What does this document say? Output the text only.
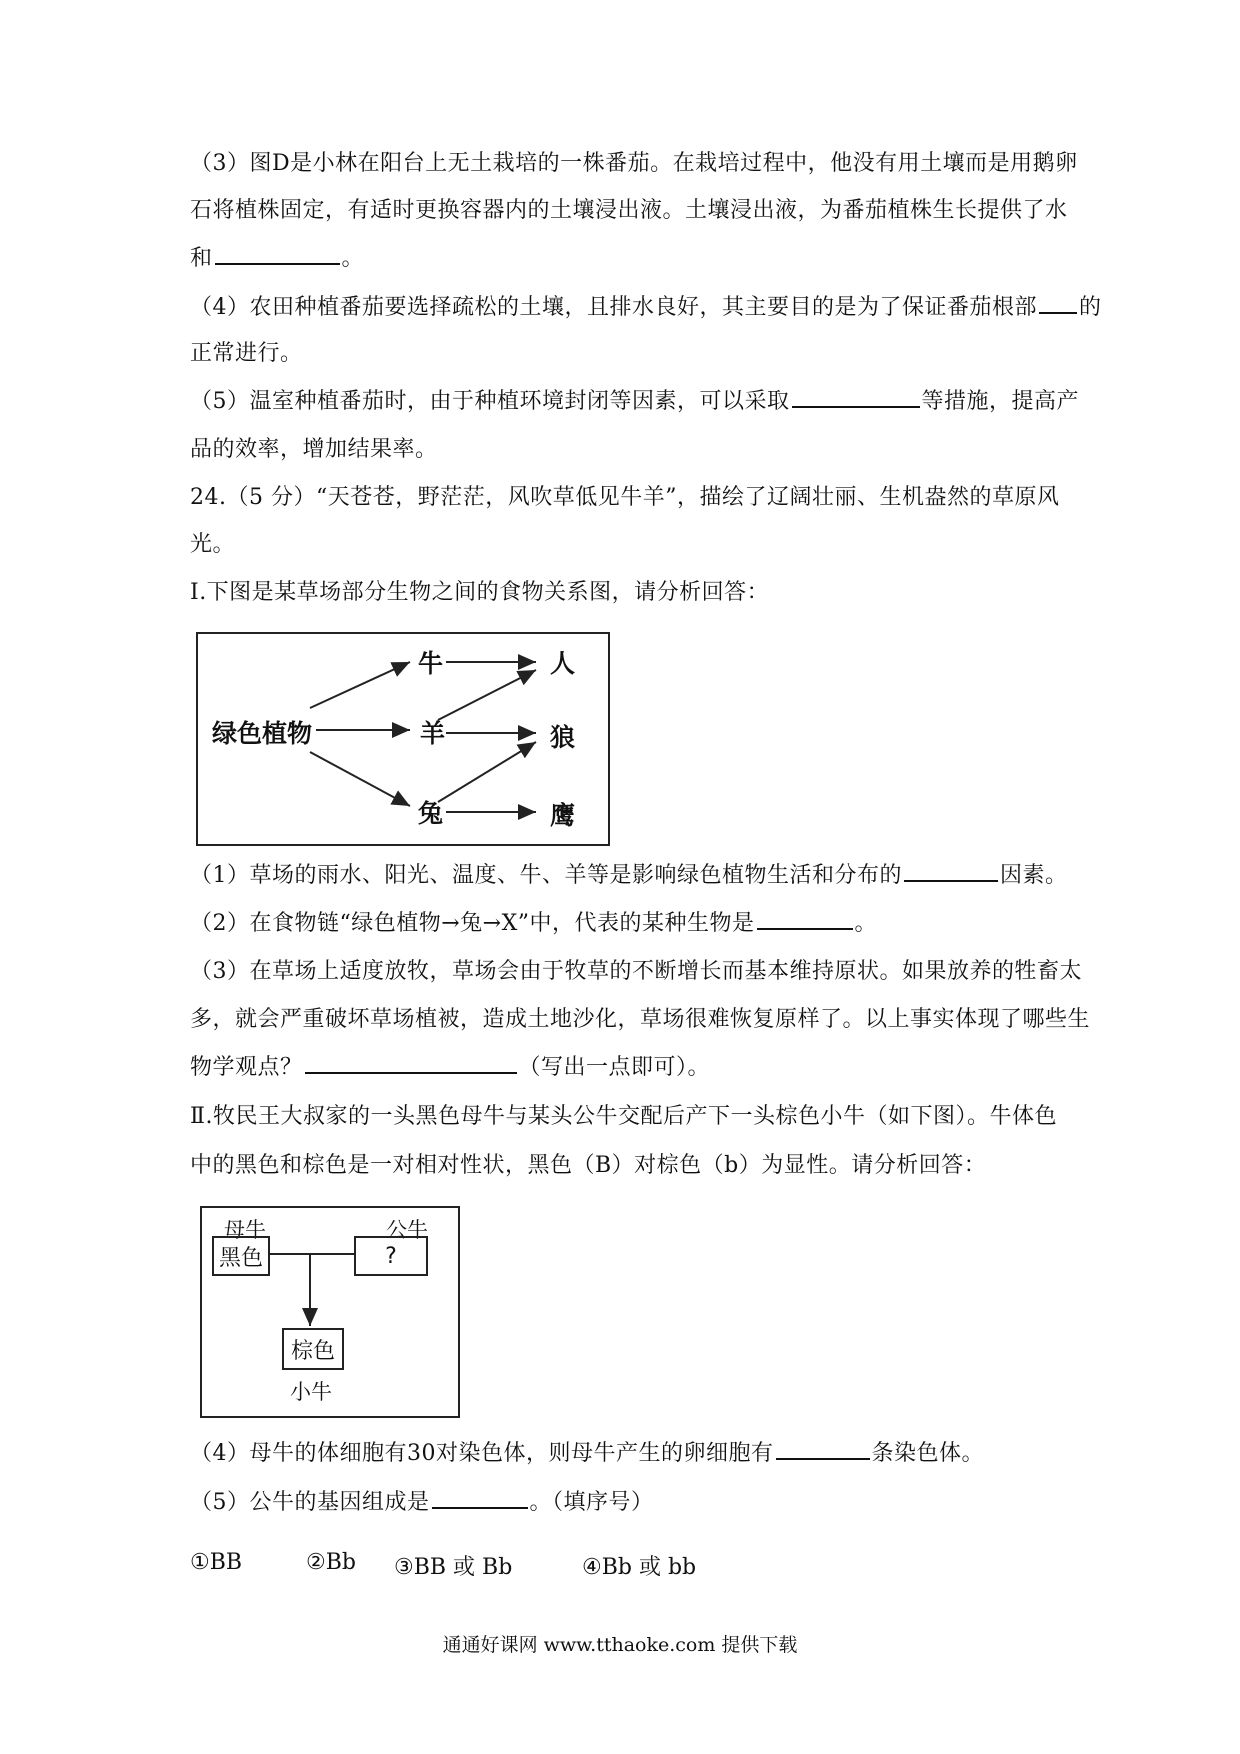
（3）图D是小林在阳台上无土栽培的一株番茄。在栽培过程中，他没有用土壤而是用鹅卵
石将植株固定，有适时更换容器内的土壤浸出液。土壤浸出液，为番茄植株生长提供了水
和	。
（4）农田种植番茄要选择疏松的土壤，且排水良好，其主要目的是为了保证番茄根部 的
正常进行。
（5）温室种植番茄时，由于种植环境封闭等因素，可以采取	等措施，提高产
品的效率，增加结果率。
24.（5 分）“天苍苍，野茫茫，风吹草低见牛羊”，描绘了辽阔壮丽、生机盎然的草原风
光。
Ⅰ.下图是某草场部分生物之间的食物关系图，请分析回答：
绿色植物
牛
羊
兔
人
狼
鹰
（1）草场的雨水、阳光、温度、牛、羊等是影响绿色植物生活和分布的	因素。
（2）在食物链“绿色植物→兔→X”中，代表的某种生物是	。
（3）在草场上适度放牧，草场会由于牧草的不断增长而基本维持原状。如果放养的牲畜太
多，就会严重破坏草场植被，造成土地沙化，草场很难恢复原样了。以上事实体现了哪些生
物学观点？	（写出一点即可）。
Ⅱ.牧民王大叔家的一头黑色母牛与某头公牛交配后产下一头棕色小牛（如下图）。牛体色
中的黑色和棕色是一对相对性状，黑色（B）对棕色（b）为显性。请分析回答：
母牛	公牛
黑色	?
棕色
小牛
（4）母牛的体细胞有30对染色体，则母牛产生的卵细胞有	条染色体。
（5）公牛的基因组成是	。（填序号）
①BB	②Bb ③BB 或 Bb	④Bb 或 bb
通通好课网 www.tthaoke.com 提供下载
